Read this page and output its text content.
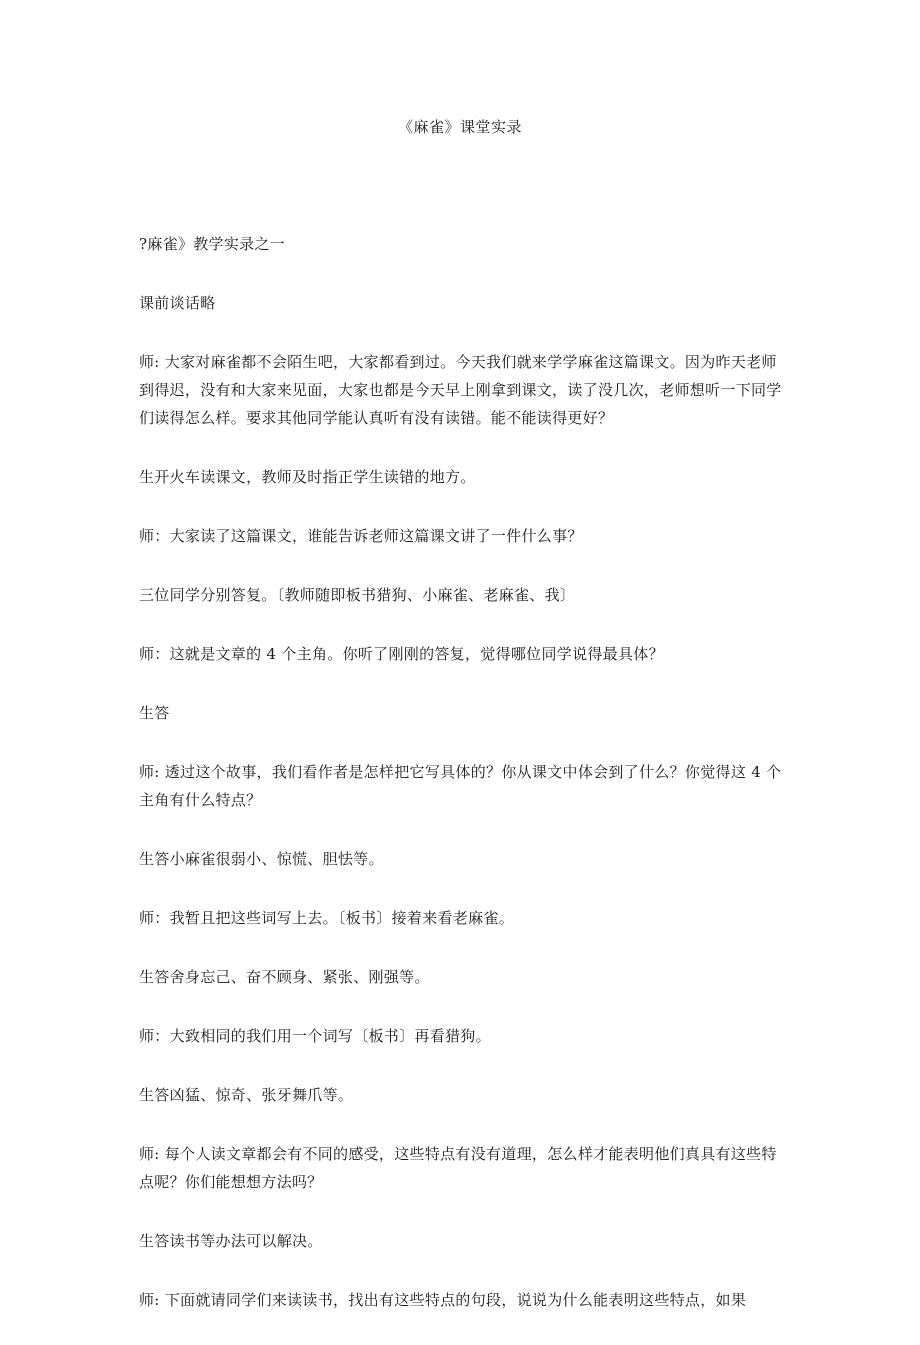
《麻雀》课堂实录

?麻雀》教学实录之一

课前谈话略

师: 大家对麻雀都不会陌生吧，大家都看到过。今天我们就来学学麻雀这篇课文。因为昨天老师到得迟，没有和大家来见面，大家也都是今天早上刚拿到课文，读了没几次，老师想听一下同学们读得怎么样。要求其他同学能认真听有没有读错。能不能读得更好？

生开火车读课文，教师及时指正学生读错的地方。

师：大家读了这篇课文，谁能告诉老师这篇课文讲了一件什么事？

三位同学分别答复。〔教师随即板书猎狗、小麻雀、老麻雀、我〕

师：这就是文章的 4 个主角。你听了刚刚的答复，觉得哪位同学说得最具体？

生答

师: 透过这个故事，我们看作者是怎样把它写具体的？你从课文中体会到了什么？你觉得这 4 个主角有什么特点？

生答小麻雀很弱小、惊慌、胆怯等。

师：我暂且把这些词写上去。〔板书〕接着来看老麻雀。

生答舍身忘己、奋不顾身、紧张、刚强等。

师：大致相同的我们用一个词写〔板书〕再看猎狗。

生答凶猛、惊奇、张牙舞爪等。

师: 每个人读文章都会有不同的感受，这些特点有没有道理，怎么样才能表明他们真具有这些特点呢？你们能想想方法吗？

生答读书等办法可以解决。

师: 下面就请同学们来读读书，找出有这些特点的句段，说说为什么能表明这些特点，如果
